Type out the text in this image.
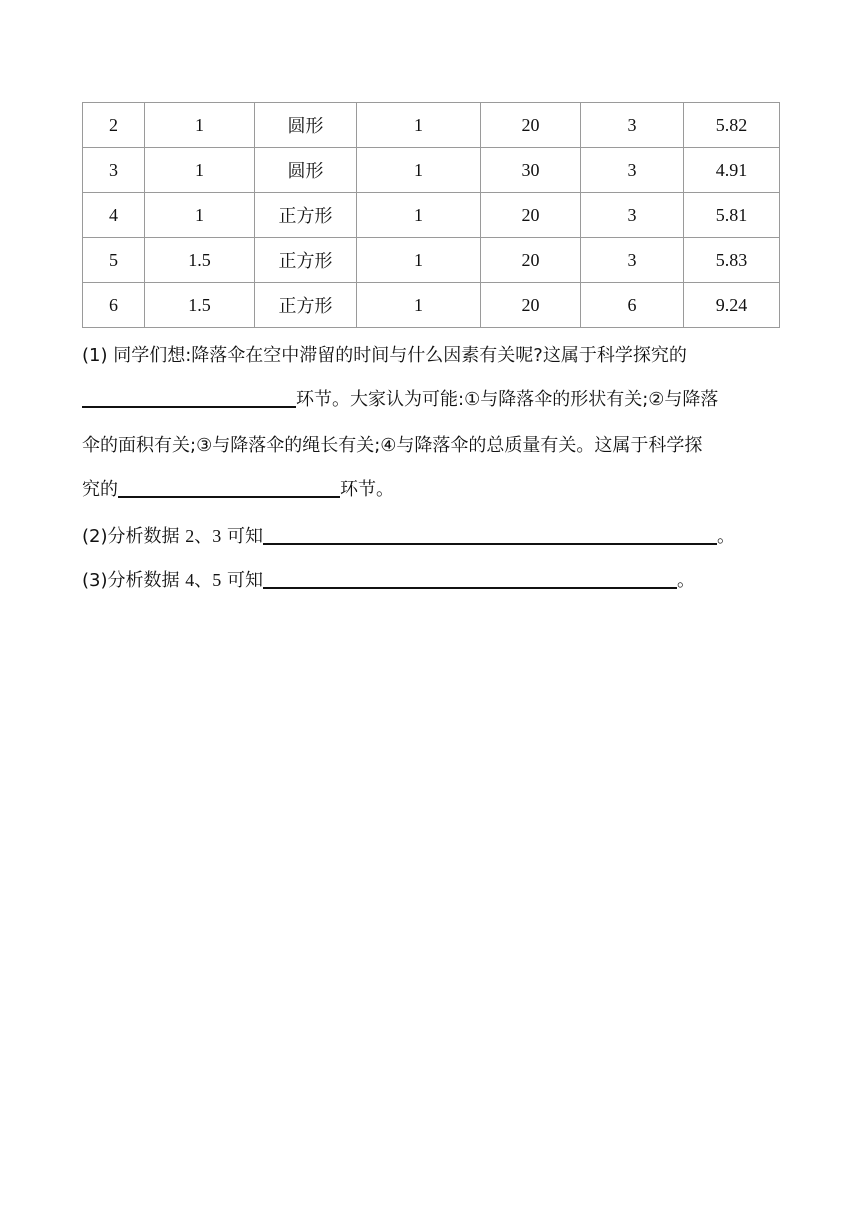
2	1	圆形	1	20	3	5.82
3	1	圆形	1	30	3	4.91
4	1	正方形	1	20	3	5.81
5	1.5	正方形	1	20	3	5.83
6	1.5	正方形	1	20	6	9.24
(1) 同学们想:降落伞在空中滞留的时间与什么因素有关呢?这属于科学探究的
环节。大家认为可能:①与降落伞的形状有关;②与降落
伞的面积有关;③与降落伞的绳长有关;④与降落伞的总质量有关。这属于科学探
究的	环节。
(2)分析数据 2、3 可知	。
(3)分析数据 4、5 可知	。
